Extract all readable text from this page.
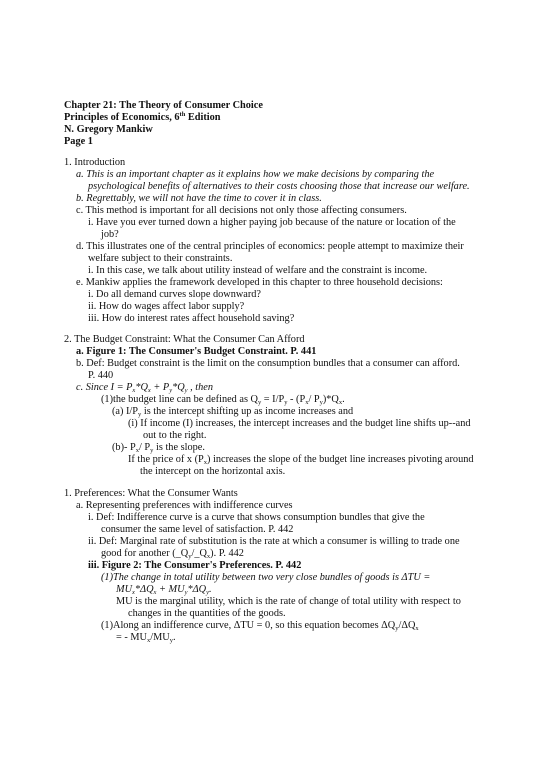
Chapter 21: The Theory of Consumer Choice
Principles of Economics, 6th Edition
N. Gregory Mankiw
Page 1
1. Introduction
a. This is an important chapter as it explains how we make decisions by comparing the
psychological benefits of alternatives to their costs choosing those that increase our welfare.
b. Regrettably, we will not have the time to cover it in class.
c. This method is important for all decisions not only those affecting consumers.
i. Have you ever turned down a higher paying job because of the nature or location of the
job?
d. This illustrates one of the central principles of economics: people attempt to maximize their
welfare subject to their constraints.
i. In this case, we talk about utility instead of welfare and the constraint is income.
e. Mankiw applies the framework developed in this chapter to three household decisions:
i. Do all demand curves slope downward?
ii. How do wages affect labor supply?
iii. How do interest rates affect household saving?
2. The Budget Constraint: What the Consumer Can Afford
a. Figure 1: The Consumer's Budget Constraint. P. 441
b. Def: Budget constraint is the limit on the consumption bundles that a consumer can afford.
P. 440
c. Since $I = P_x*Q_x + P_y*Q_y$ , then
(1)the budget line can be defined as $Q_y = I/P_y - (P_x/$ $P_y)*Q_x$.
(a) $I/P_y$ is the intercept shifting up as income increases and
(i) If income (I) increases, the intercept increases and the budget line shifts up--and
out to the right.
(b)- $P_x/$ $P_y$ is the slope.
If the price of x $(P_x)$ increases the slope of the budget line increases pivoting around
the intercept on the horizontal axis.
1. Preferences: What the Consumer Wants
a. Representing preferences with indifference curves
i. Def: Indifference curve is a curve that shows consumption bundles that give the
consumer the same level of satisfaction. P. 442
ii. Def: Marginal rate of substitution is the rate at which a consumer is willing to trade one
good for another $(\_Q_y/\_Q_x)$. P. 442
iii. Figure 2: The Consumer's Preferences. P. 442
(1)The change in total utility between two very close bundles of goods is ΔTU =
$MU_x*\Delta Q_x + MU_y*\Delta Q_y$.
MU is the marginal utility, which is the rate of change of total utility with respect to
changes in the quantities of the goods.
(1)Along an indifference curve, ΔTU = 0, so this equation becomes $\Delta Q_y/\Delta Q_x$
= - $MU_x/MU_y$.
